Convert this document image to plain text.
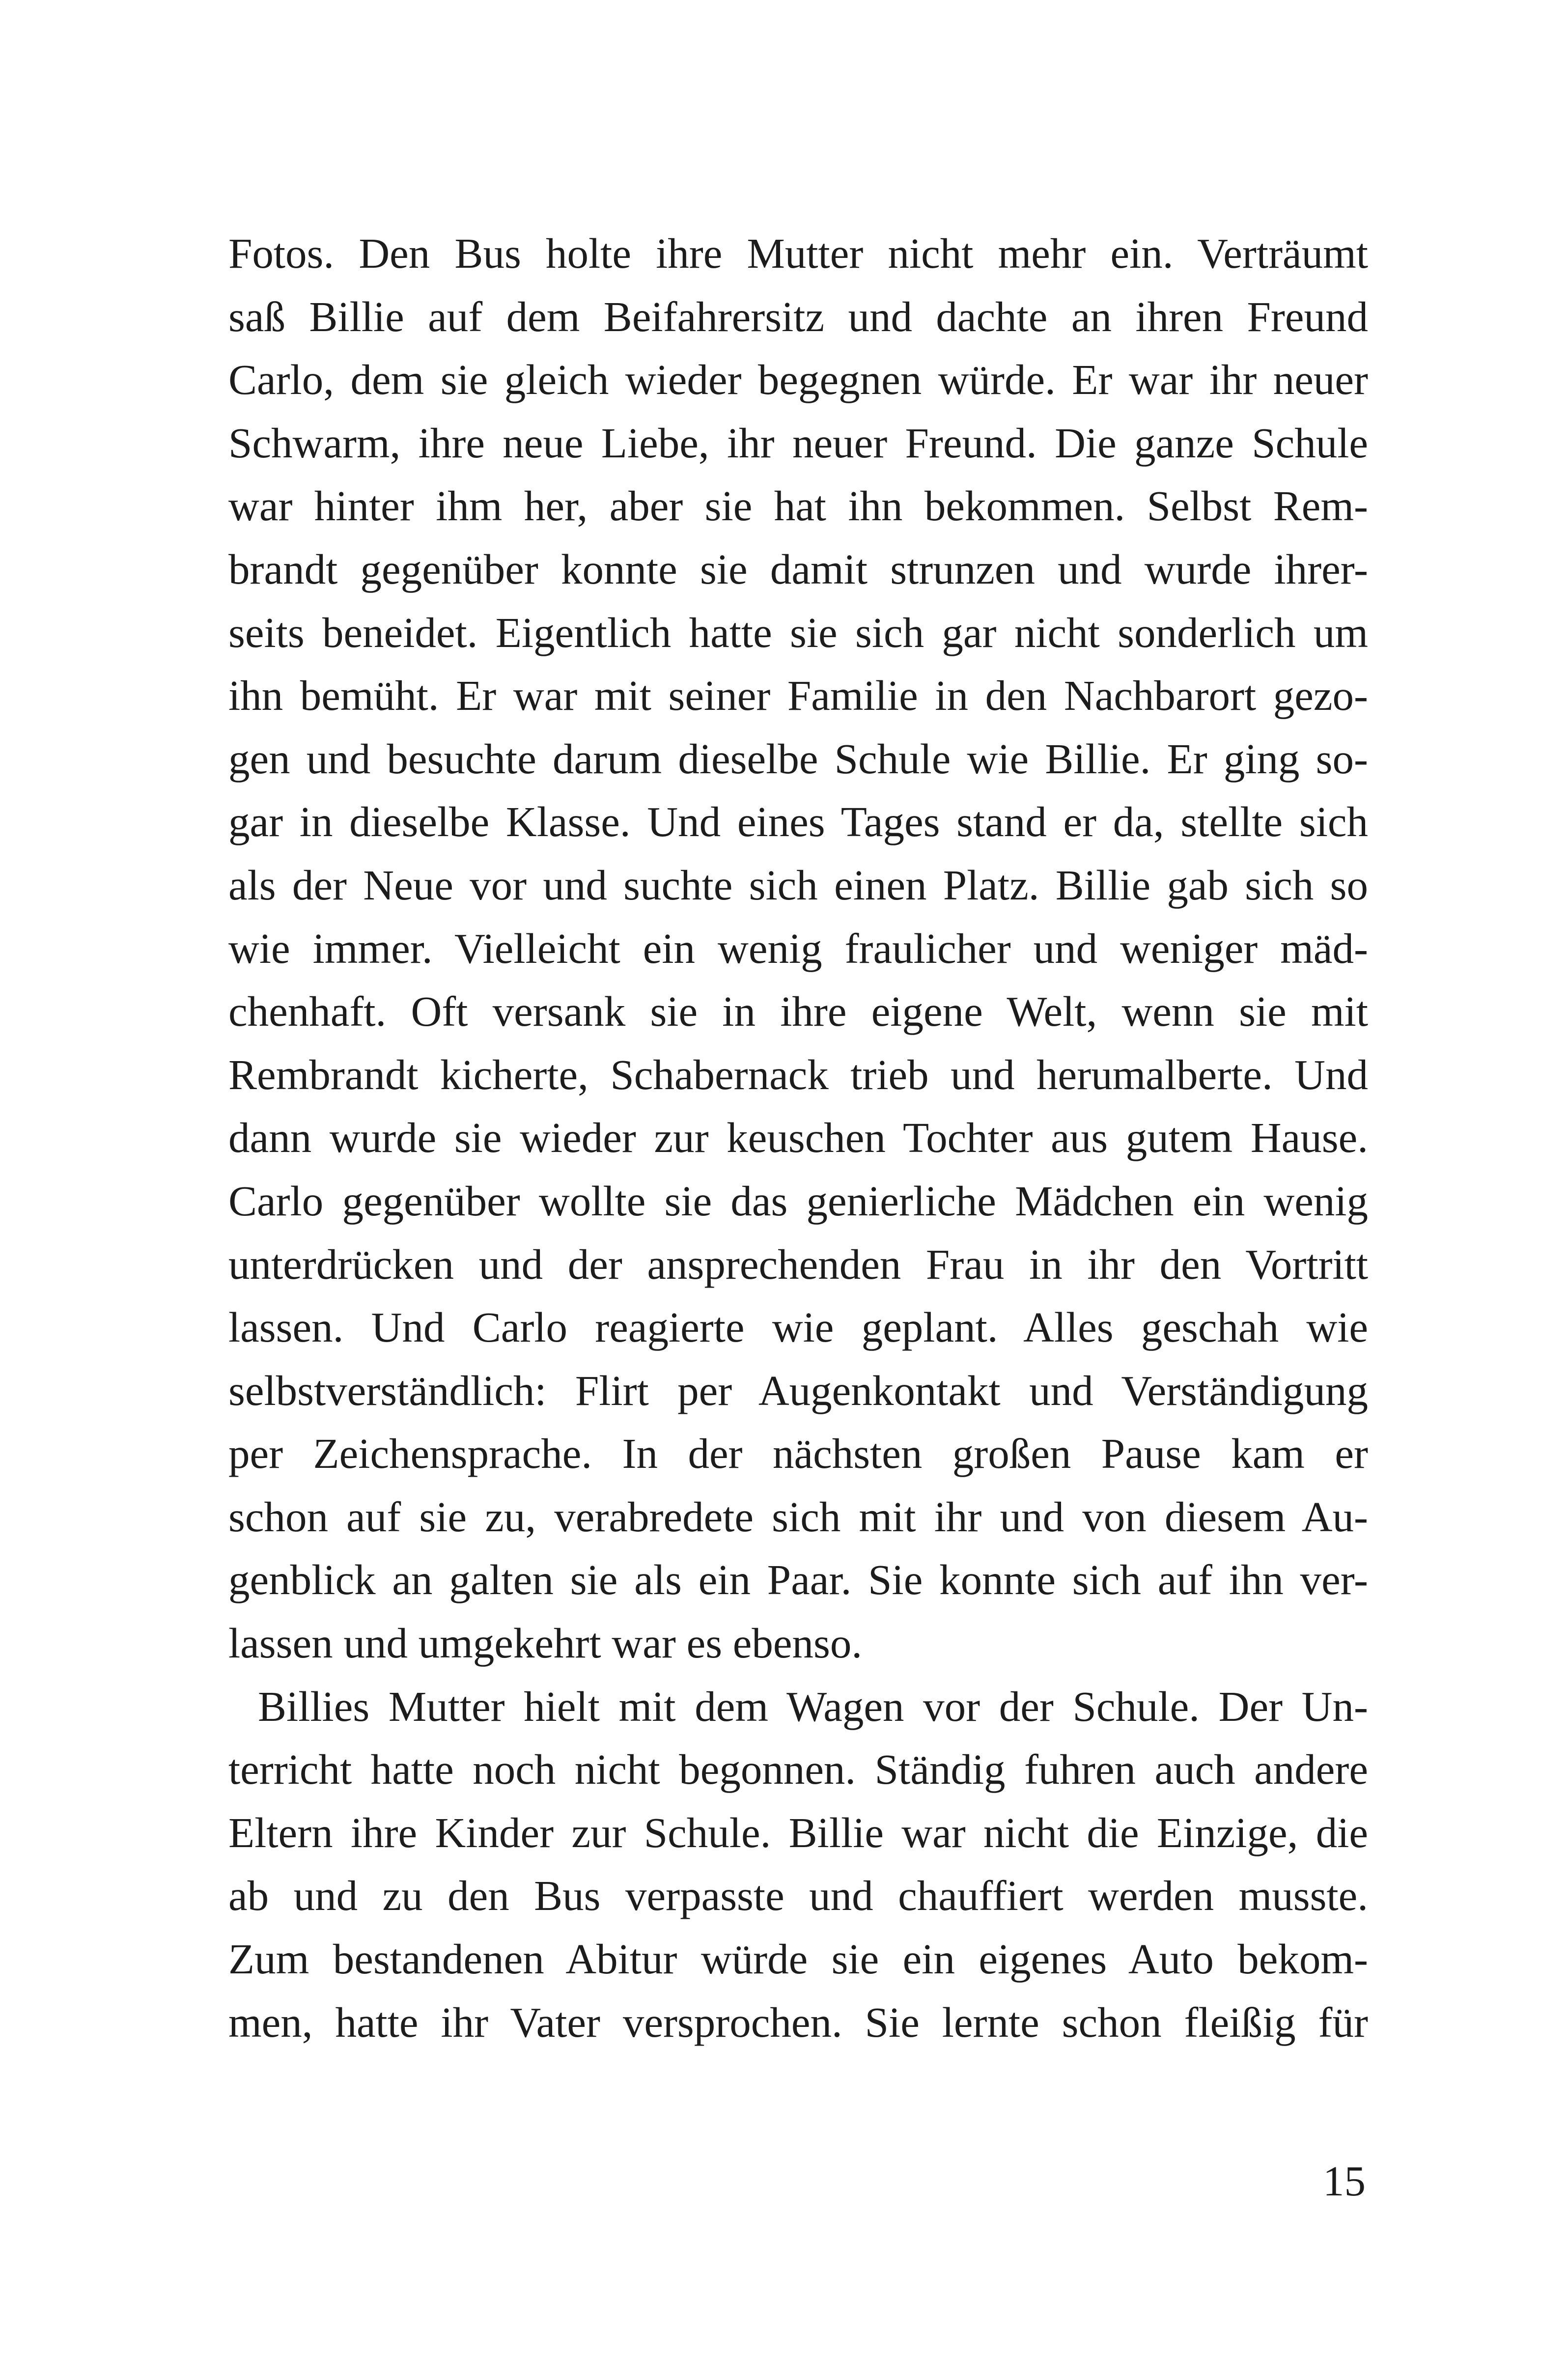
Fotos. Den Bus holte ihre Mutter nicht mehr ein. Verträumt
saß Billie auf dem Beifahrersitz und dachte an ihren Freund
Carlo, dem sie gleich wieder begegnen würde. Er war ihr neuer
Schwarm, ihre neue Liebe, ihr neuer Freund. Die ganze Schule
war hinter ihm her, aber sie hat ihn bekommen. Selbst Rem-
brandt gegenüber konnte sie damit strunzen und wurde ihrer-
seits beneidet. Eigentlich hatte sie sich gar nicht sonderlich um
ihn bemüht. Er war mit seiner Familie in den Nachbarort gezo-
gen und besuchte darum dieselbe Schule wie Billie. Er ging so-
gar in dieselbe Klasse. Und eines Tages stand er da, stellte sich
als der Neue vor und suchte sich einen Platz. Billie gab sich so
wie immer. Vielleicht ein wenig fraulicher und weniger mäd-
chenhaft. Oft versank sie in ihre eigene Welt, wenn sie mit
Rembrandt kicherte, Schabernack trieb und herumalberte. Und
dann wurde sie wieder zur keuschen Tochter aus gutem Hause.
Carlo gegenüber wollte sie das genierliche Mädchen ein wenig
unterdrücken und der ansprechenden Frau in ihr den Vortritt
lassen. Und Carlo reagierte wie geplant. Alles geschah wie
selbstverständlich: Flirt per Augenkontakt und Verständigung
per Zeichensprache. In der nächsten großen Pause kam er
schon auf sie zu, verabredete sich mit ihr und von diesem Au-
genblick an galten sie als ein Paar. Sie konnte sich auf ihn ver-
lassen und umgekehrt war es ebenso.
Billies Mutter hielt mit dem Wagen vor der Schule. Der Un-
terricht hatte noch nicht begonnen. Ständig fuhren auch andere
Eltern ihre Kinder zur Schule. Billie war nicht die Einzige, die
ab und zu den Bus verpasste und chauffiert werden musste.
Zum bestandenen Abitur würde sie ein eigenes Auto bekom-
men, hatte ihr Vater versprochen. Sie lernte schon fleißig für
15
